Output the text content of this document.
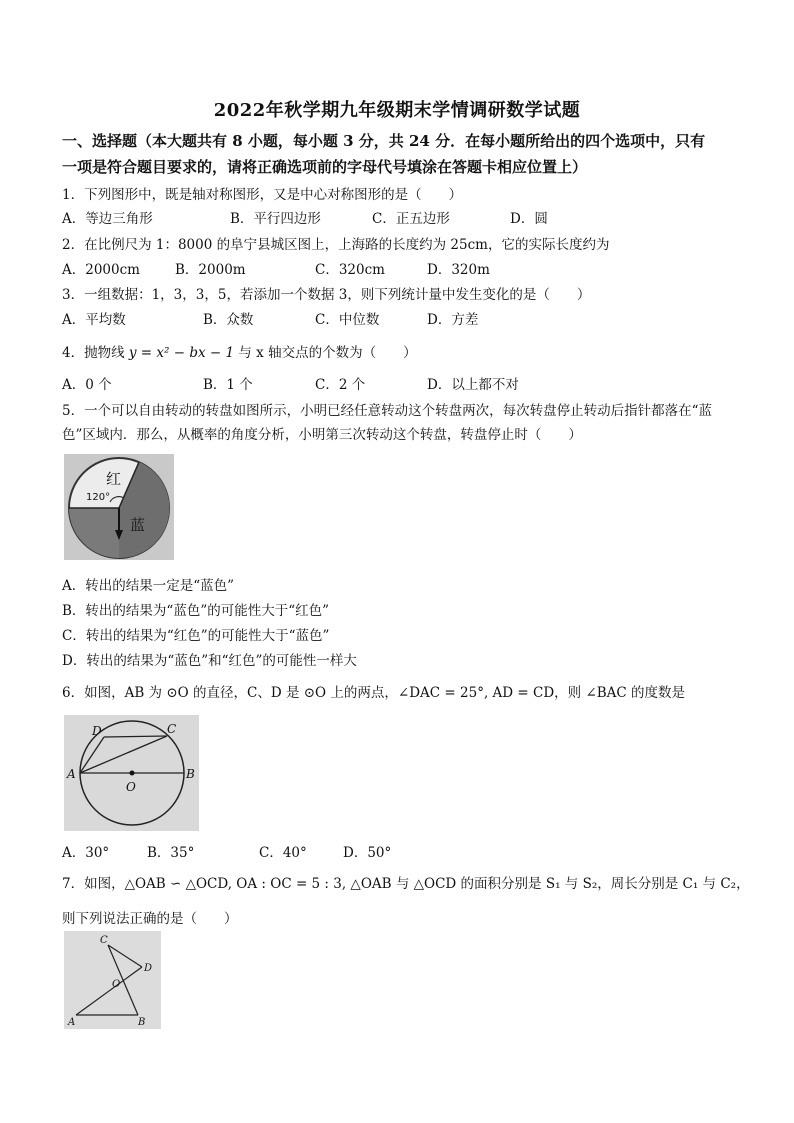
2022年秋学期九年级期末学情调研数学试题
一、选择题（本大题共有 8 小题，每小题 3 分，共 24 分．在每小题所给出的四个选项中，只有
一项是符合题目要求的，请将正确选项前的字母代号填涂在答题卡相应位置上）
1．下列图形中，既是轴对称图形，又是中心对称图形的是（　　）
A．等边三角形	B．平行四边形	C．正五边形	D．圆
2．在比例尺为 1：8000 的阜宁县城区图上，上海路的长度约为 25cm，它的实际长度约为
A．2000cm	B．2000m	C．320cm	D．320m
3．一组数据：1，3，3，5，若添加一个数据 3，则下列统计量中发生变化的是（　　）
A．平均数	B．众数	C．中位数	D．方差
4．抛物线 y = x² − bx − 1 与 x 轴交点的个数为（　　）
A．0 个	B．1 个	C．2 个	D．以上都不对
5．一个可以自由转动的转盘如图所示，小明已经任意转动这个转盘两次，每次转盘停止转动后指针都落在“蓝
色”区域内．那么，从概率的角度分析，小明第三次转动这个转盘，转盘停止时（　　）
红
120°
蓝
A．转出的结果一定是“蓝色”
B．转出的结果为“蓝色”的可能性大于“红色”
C．转出的结果为“红色”的可能性大于“蓝色”
D．转出的结果为“蓝色”和“红色”的可能性一样大
6．如图，AB 为 ⊙O 的直径，C、D 是 ⊙O 上的两点，∠DAC = 25°, AD = CD，则 ∠BAC 的度数是
A	B
C
D
O
A．30°	B．35°	C．40°	D．50°
7．如图，△OAB ∽ △OCD, OA : OC = 5 : 3, △OAB 与 △OCD 的面积分别是 S₁ 与 S₂，周长分别是 C₁ 与 C₂，
则下列说法正确的是（　　）
C
D
O
A	B
